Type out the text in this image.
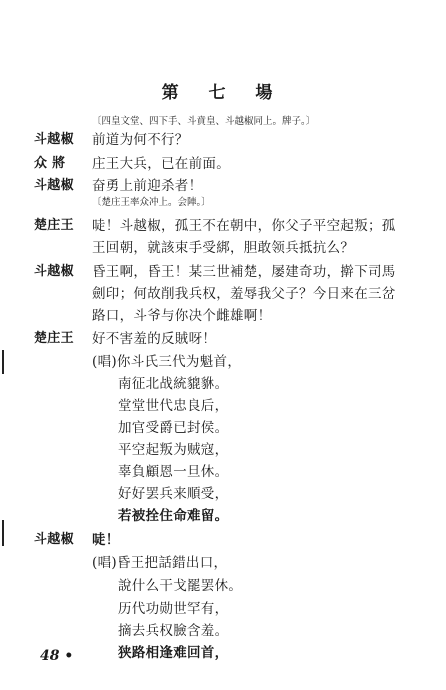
第 七 場
〔四皇文堂、四下手、斗賁皇、斗越椒同上。牌子。〕
斗越椒 前道为何不行？
众 將 庄王大兵，已在前面。
斗越椒 奋勇上前迎杀者！
〔楚庄王率众冲上。会陣。〕
楚庄王 唗！斗越椒，孤王不在朝中，你父子平空起叛；孤
王回朝，就該束手受綁，胆敢领兵抵抗么？
斗越椒 昏王啊，昏王！某三世補楚，屡建奇功，擀下司馬
劍印；何故削我兵权，羞辱我父子？今日来在三岔
路口，斗爷与你决个雌雄啊！
楚庄王 好不害羞的反賊呀！
(唱)你斗氏三代为魁首，
南征北战統貔貅。
堂堂世代忠良后，
加官受爵已封侯。
平空起叛为贼寇，
辜負顧恩一旦休。
好好罢兵来順受，
若被拴住命难留。
斗越椒 唗！
(唱)昏王把話錯出口，
說什么干戈罷罢休。
历代功勋世罕有，
摘去兵权臉含羞。
狭路相逢难回首，
48 •
